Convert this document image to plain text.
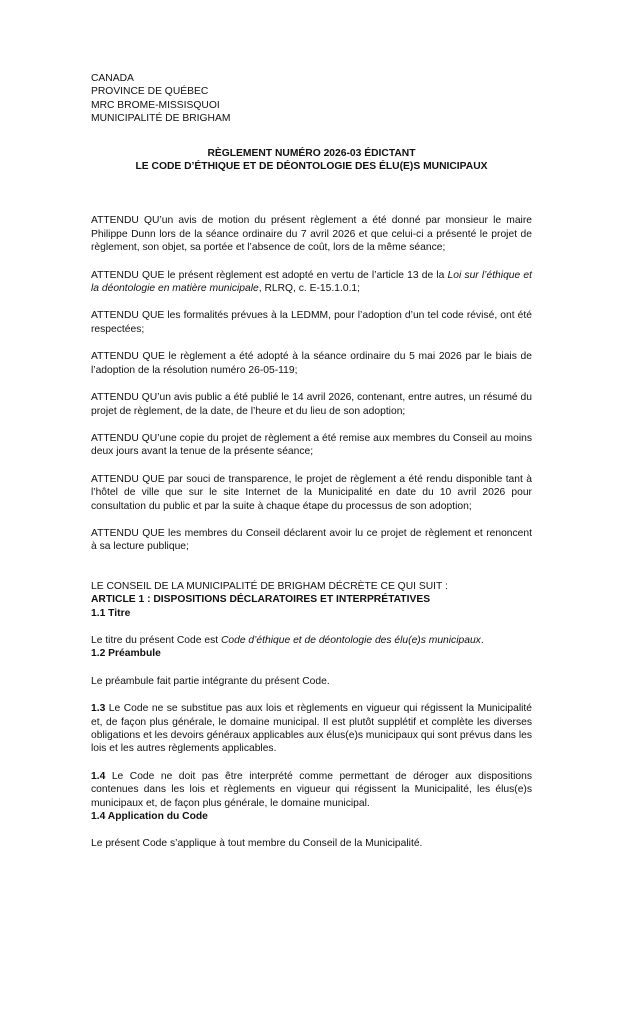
CANADA
PROVINCE DE QUÉBEC
MRC BROME-MISSISQUOI
MUNICIPALITÉ DE BRIGHAM
RÈGLEMENT NUMÉRO 2026-03 ÉDICTANT
LE CODE D’ÉTHIQUE ET DE DÉONTOLOGIE DES ÉLU(E)S MUNICIPAUX

ATTENDU QU’un avis de motion du présent règlement a été donné par monsieur le maire Philippe Dunn lors de la séance ordinaire du 7 avril 2026 et que celui-ci a présenté le projet de règlement, son objet, sa portée et l’absence de coût, lors de la même séance;

ATTENDU QUE le présent règlement est adopté en vertu de l’article 13 de la Loi sur l’éthique et la déontologie en matière municipale, RLRQ, c. E-15.1.0.1;

ATTENDU QUE les formalités prévues à la LEDMM, pour l’adoption d’un tel code révisé, ont été respectées;

ATTENDU QUE le règlement a été adopté à la séance ordinaire du 5 mai 2026 par le biais de l’adoption de la résolution numéro 26-05-119;

ATTENDU QU’un avis public a été publié le 14 avril 2026, contenant, entre autres, un résumé du projet de règlement, de la date, de l’heure et du lieu de son adoption;

ATTENDU QU’une copie du projet de règlement a été remise aux membres du Conseil au moins deux jours avant la tenue de la présente séance;

ATTENDU QUE par souci de transparence, le projet de règlement a été rendu disponible tant à l’hôtel de ville que sur le site Internet de la Municipalité en date du 10 avril 2026 pour consultation du public et par la suite à chaque étape du processus de son adoption;

ATTENDU QUE les membres du Conseil déclarent avoir lu ce projet de règlement et renoncent à sa lecture publique;

LE CONSEIL DE LA MUNICIPALITÉ DE BRIGHAM DÉCRÈTE CE QUI SUIT :

ARTICLE 1 : DISPOSITIONS DÉCLARATOIRES ET INTERPRÉTATIVES

1.1 Titre

Le titre du présent Code est Code d’éthique et de déontologie des élu(e)s municipaux.

1.2 Préambule

Le préambule fait partie intégrante du présent Code.

1.3 Le Code ne se substitue pas aux lois et règlements en vigueur qui régissent la Municipalité et, de façon plus générale, le domaine municipal. Il est plutôt supplétif et complète les diverses obligations et les devoirs généraux applicables aux élus(e)s municipaux qui sont prévus dans les lois et les autres règlements applicables.

1.4 Le Code ne doit pas être interprété comme permettant de déroger aux dispositions contenues dans les lois et règlements en vigueur qui régissent la Municipalité, les élus(e)s municipaux et, de façon plus générale, le domaine municipal.

1.4 Application du Code

Le présent Code s’applique à tout membre du Conseil de la Municipalité.
